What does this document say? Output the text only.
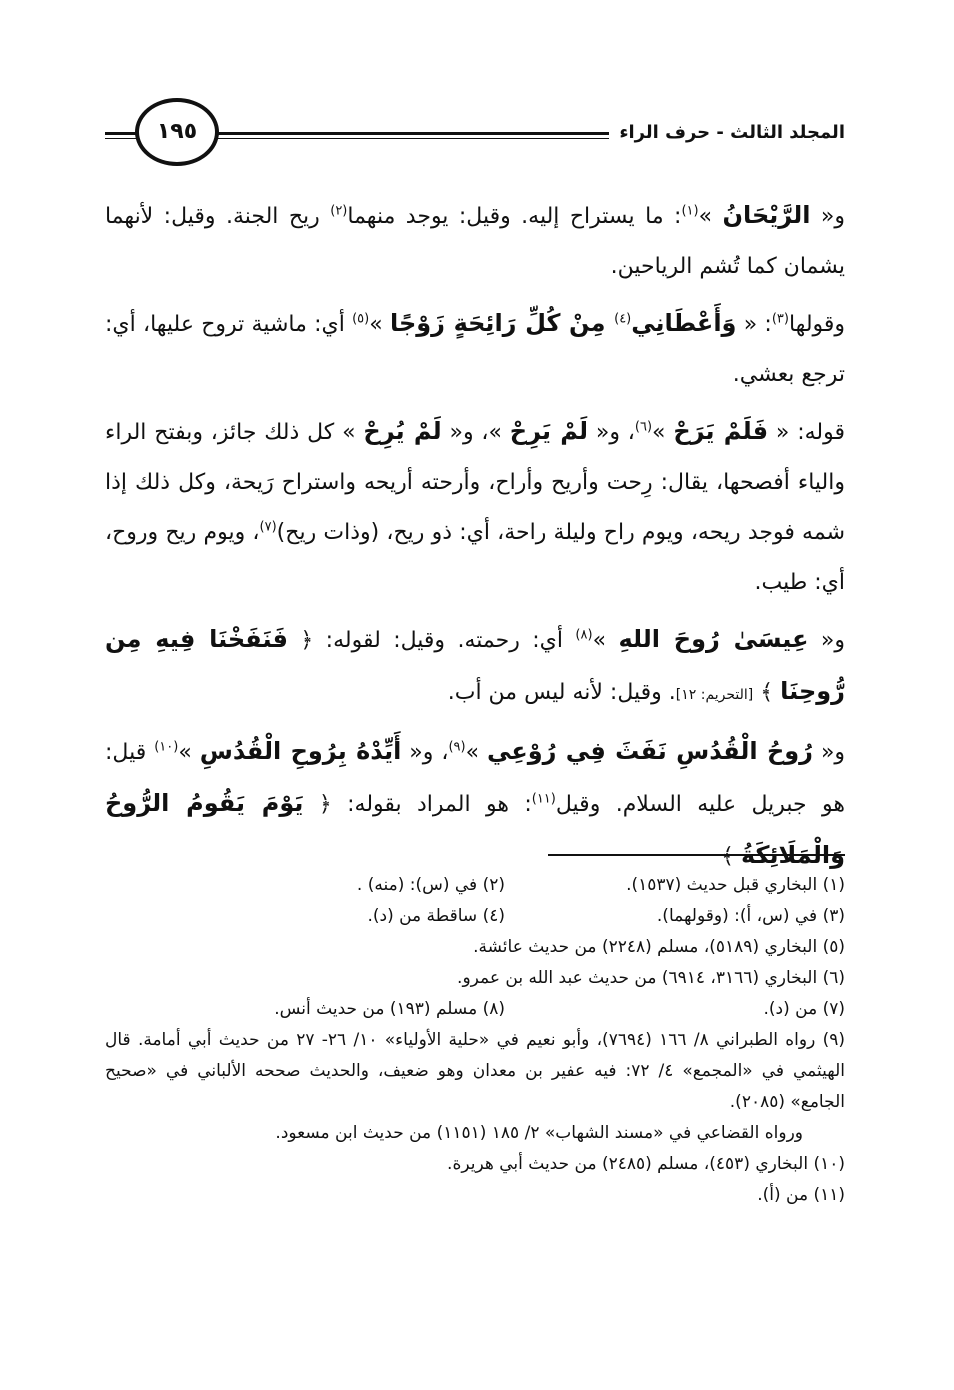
المجلد الثالث - حرف الراء
١٩٥

و« الرَّيْحَانُ »$^{(١)}$: ما يستراح إليه. وقيل: يوجد منهما$^{(٢)}$ ريح الجنة. وقيل: لأنهما يشمان كما تُشم الرياحين.

وقولها$^{(٣)}$: « وَأَعْطَانِي$^{(٤)}$ مِنْ كُلِّ رَائِحَةٍ زَوْجًا »$^{(٥)}$ أي: ماشية تروح عليها، أي: ترجع بعشي.

قوله: « فَلَمْ يَرَحْ »$^{(٦)}$، و« لَمْ يَرِحْ »، و« لَمْ يُرِحْ » كل ذلك جائز، وبفتح الراء والياء أفصحها، يقال: رِحت وأريح وأراح، وأرحته أريحه واستراح رَيحة، وكل ذلك إذا شمه فوجد ريحه، ويوم راح وليلة راحة، أي: ذو ريح، (وذات ريح)$^{(٧)}$، ويوم ريح وروح، أي: طيب.

و« عِيسَىٰ رُوحَ اللهِ »$^{(٨)}$ أي: رحمته. وقيل: لقوله: ﴿ فَنَفَخْنَا فِيهِ مِن رُّوحِنَا ﴾ [التحريم: ١٢]. وقيل: لأنه ليس من أب.

و« رُوحُ الْقُدُسِ نَفَثَ فِي رُوْعِي »$^{(٩)}$، و« أَيِّدْهُ بِرُوحِ الْقُدُسِ »$^{(١٠)}$ قيل: هو جبريل عليه السلام. وقيل$^{(١١)}$: هو المراد بقوله: ﴿ يَوْمَ يَقُومُ الرُّوحُ وَالْمَلَائِكَةُ ﴾

(١) البخاري قبل حديث (١٥٣٧).
(٢) في (س): (منه) .
(٣) في (س، أ): (وقولهما).
(٤) ساقطة من (د).
(٥) البخاري (٥١٨٩)، مسلم (٢٢٤٨) من حديث عائشة.
(٦) البخاري (٣١٦٦، ٦٩١٤) من حديث عبد الله بن عمرو.
(٧) من (د).
(٨) مسلم (١٩٣) من حديث أنس.
(٩) رواه الطبراني ٨/ ١٦٦ (٧٦٩٤)، وأبو نعيم في «حلية الأولياء» ١٠/ ٢٦- ٢٧ من حديث أبي أمامة. قال الهيثمي في «المجمع» ٤/ ٧٢: فيه عفير بن معدان وهو ضعيف، والحديث صححه الألباني في «صحيح الجامع» (٢٠٨٥).
ورواه القضاعي في «مسند الشهاب» ٢/ ١٨٥ (١١٥١) من حديث ابن مسعود.
(١٠) البخاري (٤٥٣)، مسلم (٢٤٨٥) من حديث أبي هريرة.
(١١) من (أ).
